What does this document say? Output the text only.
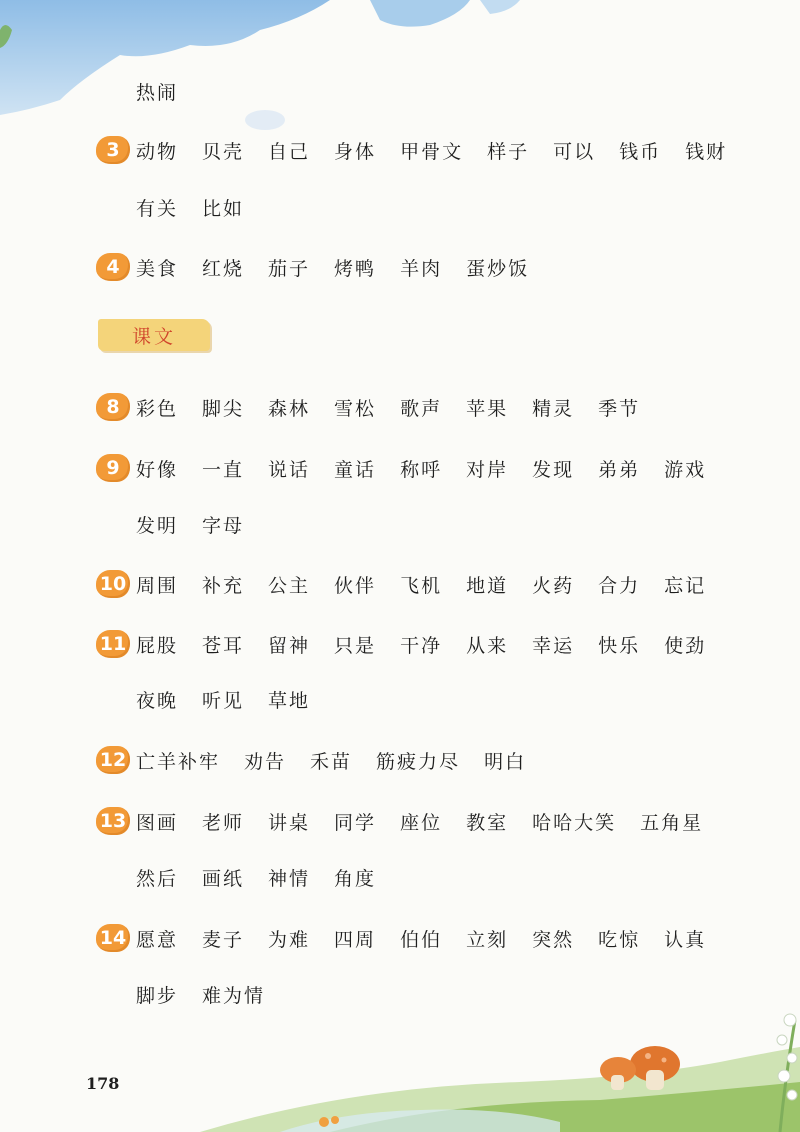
热闹
3 动物 贝壳 自己 身体 甲骨文 样子 可以 钱币 钱财
有关 比如
4 美食 红烧 茄子 烤鸭 羊肉 蛋炒饭
课文
8 彩色 脚尖 森林 雪松 歌声 苹果 精灵 季节
9 好像 一直 说话 童话 称呼 对岸 发现 弟弟 游戏
发明 字母
10 周围 补充 公主 伙伴 飞机 地道 火药 合力 忘记
11 屁股 苍耳 留神 只是 干净 从来 幸运 快乐 使劲
夜晚 听见 草地
12 亡羊补牢 劝告 禾苗 筋疲力尽 明白
13 图画 老师 讲桌 同学 座位 教室 哈哈大笑 五角星
然后 画纸 神情 角度
14 愿意 麦子 为难 四周 伯伯 立刻 突然 吃惊 认真
脚步 难为情
178
